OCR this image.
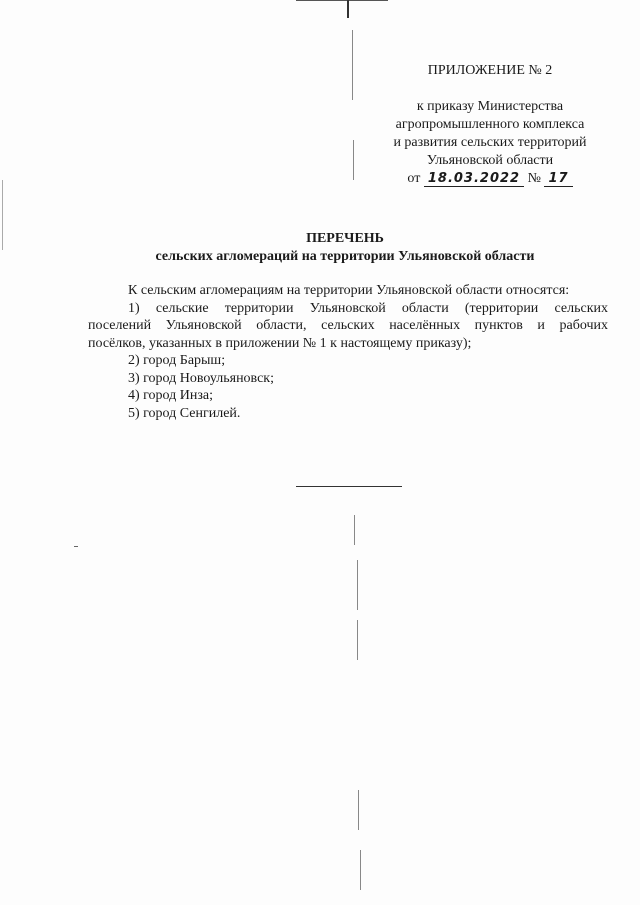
ПРИЛОЖЕНИЕ № 2
к приказу Министерства
агропромышленного комплекса
и развития сельских территорий
Ульяновской области
от 18.03.2022 № 17
ПЕРЕЧЕНЬ
сельских агломераций на территории Ульяновской области

К сельским агломерациям на территории Ульяновской области относятся:

1) сельские территории Ульяновской области (территории сельских

поселений Ульяновской области, сельских населённых пунктов и рабочих

посёлков, указанных в приложении № 1 к настоящему приказу);

2) город Барыш;

3) город Новоульяновск;

4) город Инза;

5) город Сенгилей.
